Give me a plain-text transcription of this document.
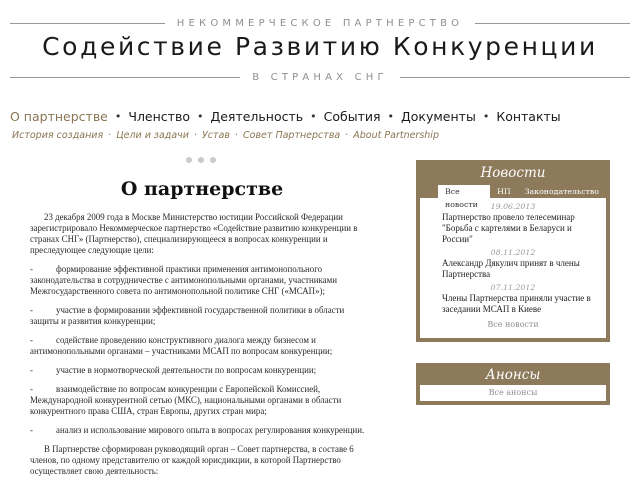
НЕКОММЕРЧЕСКОЕ ПАРТНЕРСТВО
Содействие Развитию Конкуренции
В СТРАНАХ СНГ
О партнерстве • Членство • Деятельность • События • Документы • Контакты
История создания · Цели и задачи · Устав · Совет Партнерства · About Partnership
О партнерстве

23 декабря 2009 года в Москве Министерство юстиции Российской Федерации зарегистрировало Некоммерческое партнерство «Содействие развитию конкуренции в странах СНГ» (Партнерство), специализирующееся в вопросах конкуренции и преследующее следующие цели:

-	формирование эффективной практики применения антимонопольного законодательства в сотрудничестве с антимонопольными органами, участниками Межгосударственного совета по антимонопольной политике СНГ («МСАП»);

-	участие в формировании эффективной государственной политики в области защиты и развития конкуренции;

-	содействие проведению конструктивного диалога между бизнесом и антимонопольными органами – участниками МСАП по вопросам конкуренции;

-	участие в нормотворческой деятельности по вопросам конкуренции;

-	взаимодействие по вопросам конкуренции с Европейской Комиссией, Международной конкурентной сетью (МКС), национальными органами в области конкурентного права США, стран Европы, других стран мира;

-	анализ и использование мирового опыта в вопросах регулирования конкуренции.

В Партнерстве сформирован руководящий орган – Совет партнерства, в составе 6 членов, по одному представителю от каждой юрисдикции, в которой Партнерство осуществляет свою деятельность:

Новости
Все новости
НП	Законодательство
19.06.2013
Партнерство провело телесеминар "Борьба с картелями в Беларуси и России"
08.11.2012
Александр Дякулич принят в члены Партнерства
07.11.2012
Члены Партнерства приняли участие в заседании МСАП в Киеве
Все новости
Анонсы
Все анонсы
